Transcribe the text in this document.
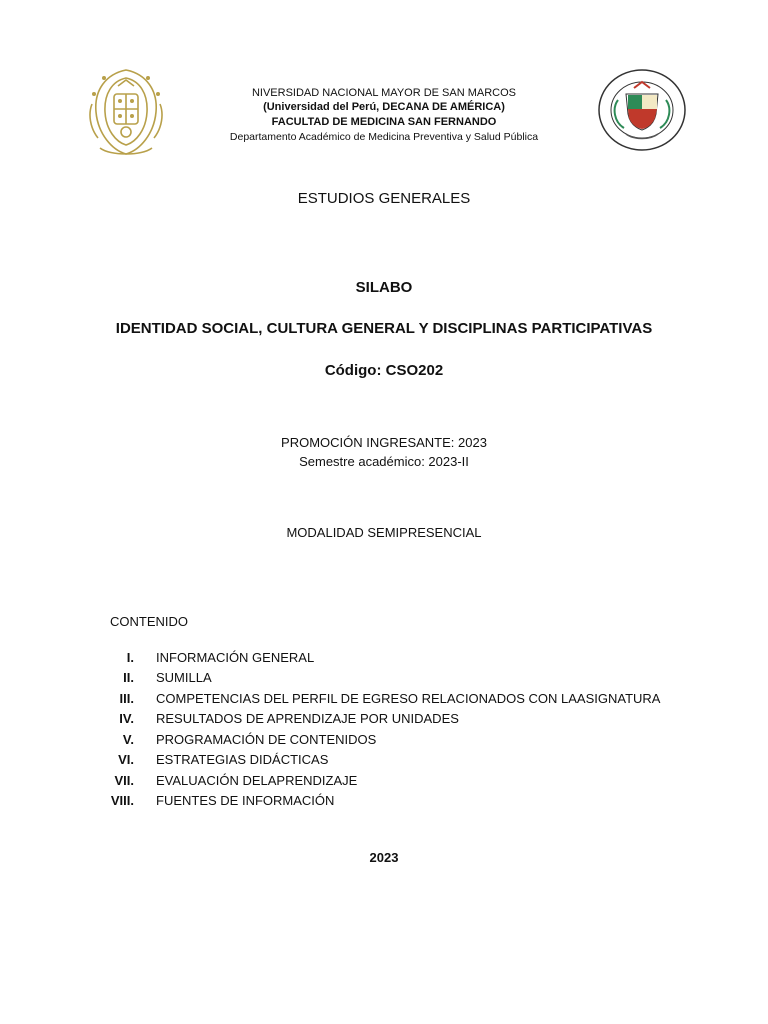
NIVERSIDAD NACIONAL MAYOR DE SAN MARCOS
(Universidad del Perú, DECANA DE AMÉRICA)
FACULTAD DE MEDICINA SAN FERNANDO
Departamento Académico de Medicina Preventiva y Salud Pública
ESTUDIOS GENERALES
SILABO
IDENTIDAD SOCIAL, CULTURA GENERAL Y DISCIPLINAS PARTICIPATIVAS
Código: CSO202
PROMOCIÓN INGRESANTE: 2023
Semestre académico: 2023-II
MODALIDAD SEMIPRESENCIAL
CONTENIDO
I. INFORMACIÓN GENERAL
II. SUMILLA
III. COMPETENCIAS DEL PERFIL DE EGRESO RELACIONADOS CON LAASIGNATURA
IV. RESULTADOS DE APRENDIZAJE POR UNIDADES
V. PROGRAMACIÓN DE CONTENIDOS
VI. ESTRATEGIAS DIDÁCTICAS
VII. EVALUACIÓN DELAPRENDIZAJE
VIII. FUENTES DE INFORMACIÓN
2023
